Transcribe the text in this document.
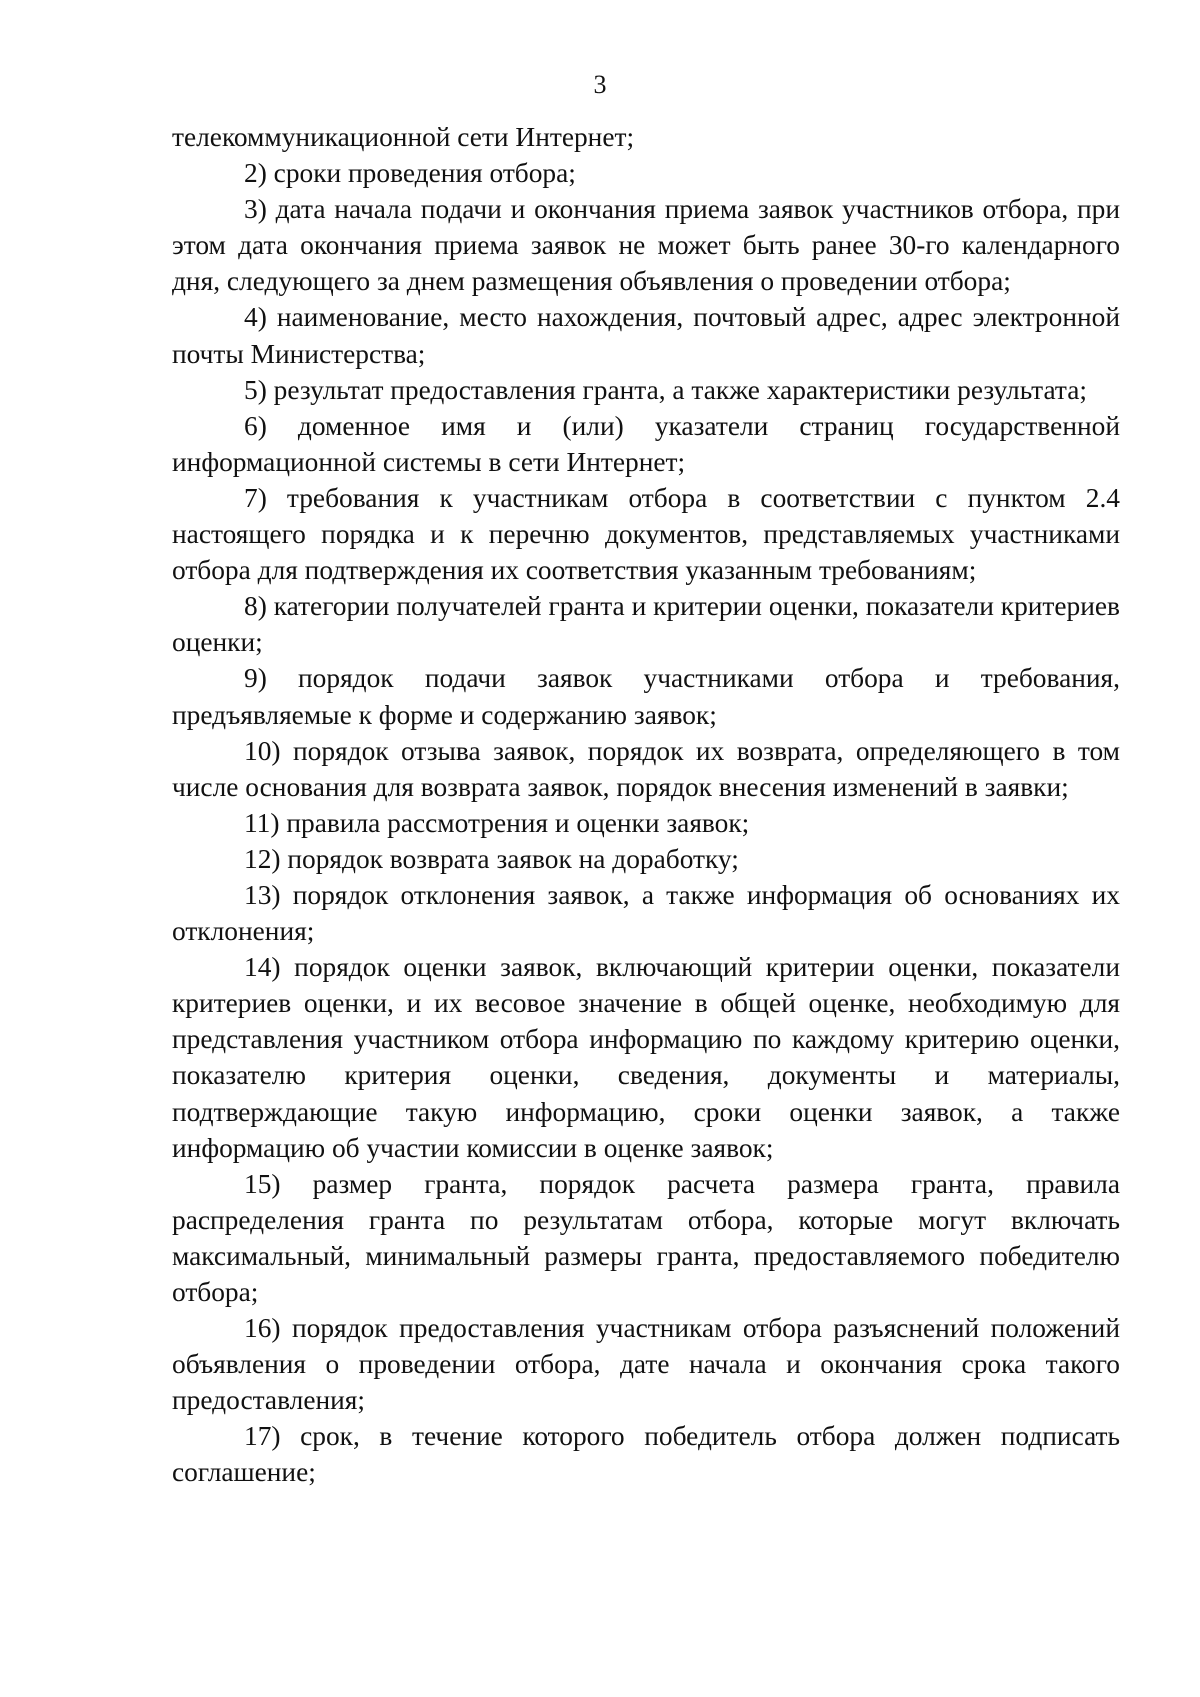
3

телекоммуникационной сети Интернет;

2) сроки проведения отбора;

3) дата начала подачи и окончания приема заявок участников отбора, при этом дата окончания приема заявок не может быть ранее 30-го календарного дня, следующего за днем размещения объявления о проведении отбора;

4) наименование, место нахождения, почтовый адрес, адрес электронной почты Министерства;

5) результат предоставления гранта, а также характеристики результата;

6) доменное имя и (или) указатели страниц государственной информационной системы в сети Интернет;

7) требования к участникам отбора в соответствии с пунктом 2.4 настоящего порядка и к перечню документов, представляемых участниками отбора для подтверждения их соответствия указанным требованиям;

8) категории получателей гранта и критерии оценки, показатели критериев оценки;

9) порядок подачи заявок участниками отбора и требования, предъявляемые к форме и содержанию заявок;

10) порядок отзыва заявок, порядок их возврата, определяющего в том числе основания для возврата заявок, порядок внесения изменений в заявки;

11) правила рассмотрения и оценки заявок;

12) порядок возврата заявок на доработку;

13) порядок отклонения заявок, а также информация об основаниях их отклонения;

14) порядок оценки заявок, включающий критерии оценки, показатели критериев оценки, и их весовое значение в общей оценке, необходимую для представления участником отбора информацию по каждому критерию оценки, показателю критерия оценки, сведения, документы и материалы, подтверждающие такую информацию, сроки оценки заявок, а также информацию об участии комиссии в оценке заявок;

15) размер гранта, порядок расчета размера гранта, правила распределения гранта по результатам отбора, которые могут включать максимальный, минимальный размеры гранта, предоставляемого победителю отбора;

16) порядок предоставления участникам отбора разъяснений положений объявления о проведении отбора, дате начала и окончания срока такого предоставления;

17) срок, в течение которого победитель отбора должен подписать соглашение;
